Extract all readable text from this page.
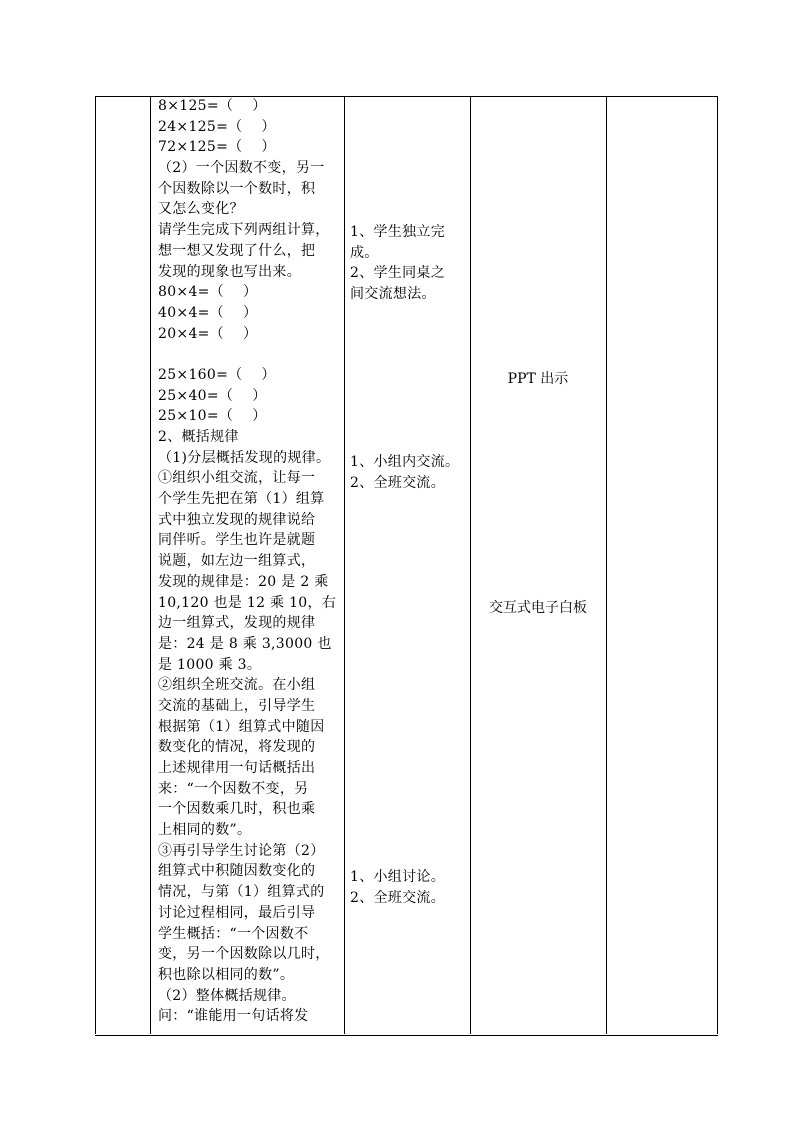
8×125=（    ）
24×125=（    ）
72×125=（    ）
（2）一个因数不变，另一
个因数除以一个数时，积
又怎么变化？
请学生完成下列两组计算，
想一想又发现了什么，把
发现的现象也写出来。
80×4=（    ）
40×4=（    ）
20×4=（    ）
25×160=（    ）
25×40=（    ）
25×10=（    ）
2、概括规律
（1)分层概括发现的规律。
①组织小组交流，让每一
个学生先把在第（1）组算
式中独立发现的规律说给
同伴听。学生也许是就题
说题，如左边一组算式，
发现的规律是：20 是 2 乘
10,120 也是 12 乘 10，右
边一组算式，发现的规律
是：24 是 8 乘 3,3000 也
是 1000 乘 3。
②组织全班交流。在小组
交流的基础上，引导学生
根据第（1）组算式中随因
数变化的情况，将发现的
上述规律用一句话概括出
来：“一个因数不变，另
一个因数乘几时，积也乘
上相同的数”。
③再引导学生讨论第（2）
组算式中积随因数变化的
情况，与第（1）组算式的
讨论过程相同，最后引导
学生概括：“一个因数不
变，另一个因数除以几时，
积也除以相同的数”。
（2）整体概括规律。
问：“谁能用一句话将发
1、学生独立完
成。
2、学生同桌之
间交流想法。
1、小组内交流。
2、全班交流。
1、小组讨论。
2、全班交流。
PPT 出示
交互式电子白板
